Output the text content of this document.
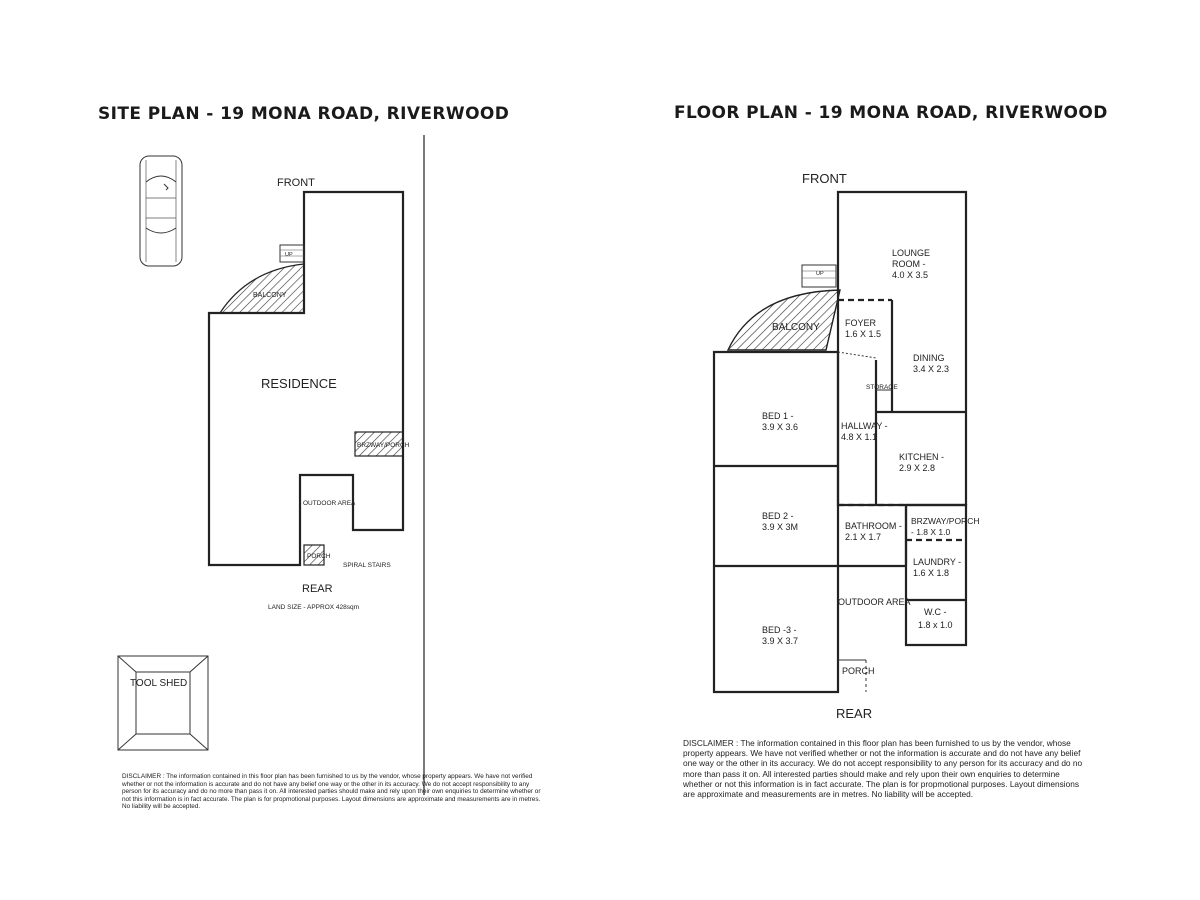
SITE PLAN - 19 MONA ROAD, RIVERWOOD
FRONT
UP
BALCONY
RESIDENCE
BRZWAY/PORCH
OUTDOOR AREA
PORCH
SPIRAL STAIRS
REAR
LAND SIZE - APPROX 428sqm
TOOL SHED
FLOOR PLAN - 19 MONA ROAD, RIVERWOOD
FRONT
UP
BALCONY
LOUNGE
ROOM -
4.0 X 3.5
FOYER
1.6 X 1.5
DINING
3.4 X 2.3
STORAGE
BED 1 -
3.9 X 3.6	HALLWAY -
4.8 X 1.1
KITCHEN -
2.9 X 2.8
BED 2 -
3.9 X 3M	BATHROOM -
2.1 X 1.7
BRZWAY/PORCH
- 1.8 X 1.0
LAUNDRY -
1.6 X 1.8
OUTDOOR AREA
W.C -
1.8 x 1.0
BED -3 -
3.9 X 3.7
PORCH
REAR

DISCLAIMER : The information contained in this floor plan has been furnished to us by the vendor, whose property appears. We have not verified whether or not the information is accurate and do not have any belief one way or the other in its accuracy. We do not accept responsibility to any person for its accuracy and do no more than pass it on. All interested parties should make and rely upon their own enquiries to determine whether or not this information is in fact accurate. The plan is for propmotional purposes. Layout dimensions are approximate and measurements are in metres. No liability will be accepted.

DISCLAIMER : The information contained in this floor plan has been furnished to us by the vendor, whose property appears. We have not verified whether or not the information is accurate and do not have any belief one way or the other in its accuracy. We do not accept responsibility to any person for its accuracy and do no more than pass it on. All interested parties should make and rely upon their own enquiries to determine whether or not this information is in fact accurate. The plan is for propmotional purposes. Layout dimensions are approximate and measurements are in metres. No liability will be accepted.
